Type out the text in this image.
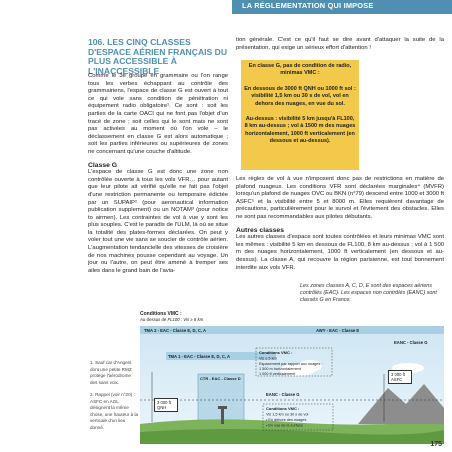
LA RÉGLEMENTATION QUI IMPOSE
106. LES CINQ CLASSES D'ESPACE AÉRIEN FRANÇAIS DU PLUS ACCESSIBLE À L'INACCESSIBLE

Comme le 3e groupe en grammaire ou l'on range tous les verbes échappant au contrôle des grammairiens, l'espace de classe G est ouvert à tout ce qui vole sans condition de pénétration ni équipement radio obligatoire¹. Ce sont : soit les parties de la carte OACI qui ne font pas l'objet d'un tracé de zone ; soit celles qui le sont mais ne sont pas activées au moment où l'on vole – le déclassement en classe G est alors automatique ; soit les parties inférieures ou supérieures de zones ne concernant qu'une couche d'altitude.

Classe G

L'espace de classe G est donc une zone non contrôlée ouverte à tous les vols VFR… pour autant que leur pilote ait vérifié qu'elle ne fait pas l'objet d'une restriction permanente ou temporaire édictée par un SUPAIP² (pour aeronautical information publication supplement) ou un NOTAM³ (pour notice to airmen). Les contraintes de vol à vue y sont les plus souples. C'est le paradis de l'ULM, là où se situe la totalité des plates-formes déclarées. On peut y voler tout une vie sans se soucier de contrôle aérien. L'augmentation tendancielle des vitesses de croisière de nos machines pousse cependant au voyage. Un jour ou l'autre, on peut être amené à tremper ses ailes dans le grand bain de l'avia-

tion générale. C'est ce qu'il faut se dire avant d'attaquer la suite de la présentation, qui exige un sérieux effort d'attention !
En classe G, pas de condition de radio, minimas VMC :
En dessous de 3000 ft QNH ou 1000 ft sol : visibilité 1,5 km ou 30 s de vol, vol en dehors des nuages, en vue du sol.
Au-dessus : visibilité 5 km jusqu'à FL100, 8 km au-dessus ; vol à 1500 m des nuages horizontalement, 1000 ft verticalement (en dessous et au-dessus).

Les règles de vol à vue n'imposent donc pas de restrictions en matière de plafond nuageux. Les conditions VFR sont déclarées marginales⁴ (MVFR) lorsqu'un plafond de nuages OVC ou BKN (n°79) descend entre 1000 et 3000 ft ASFC⁵ et la visibilité entre 5 et 8000 m. Elles requièrent davantage de précautions, particulièrement pour le survol et l'évitement des obstacles. Elles ne sont pas recommandables aux pilotes débutants.

Autres classes

Les autres classes d'espace sont toutes contrôlées et leurs minimas VMC sont les mêmes : visibilité 5 km en dessous de FL100, 8 km au-dessus ; vol à 1 500 m des nuages horizontalement, 1000 ft verticalement (en dessous et au-dessus). La classe A, qui recouvre la région parisienne, est tout bonnement interdite aux vols VFR.

Les zones classes A, C, D, E sont des espaces aériens contrôlés (EAC). Les espaces non contrôlés (EANC) sont classés G en France.
1. Sauf car d'Angers dont une petite RMZ protège l'aérodrome des sans voix.
2. Rappel (voir n°20) : ASFC en AGL désignent la même chose, une hauteur à la verticale d'un lieu donné.
Conditions VMC :
Au-dessus de FL100 : Vis ≥ 8 km
TMA 2 - EAC - Classe E, D, C, A	AWY - EAC - Classe E
TMA 1 - EAC - Classe E, D, C, A
EANC - Classe G
Conditions VMC :
Vis ≥ 5 km
Espacement par rapport aux nuages :
1 500 m horizontalement
1 000 ft verticalement
CTR - EAC - Classe D
EANC - Classe G
Conditions VMC :
Vis 1,5 km ou 30 s de vol
• En dehors des nuages
• En vue de la surface
3 000 ft QNH
3 000 ft ASFC
175
